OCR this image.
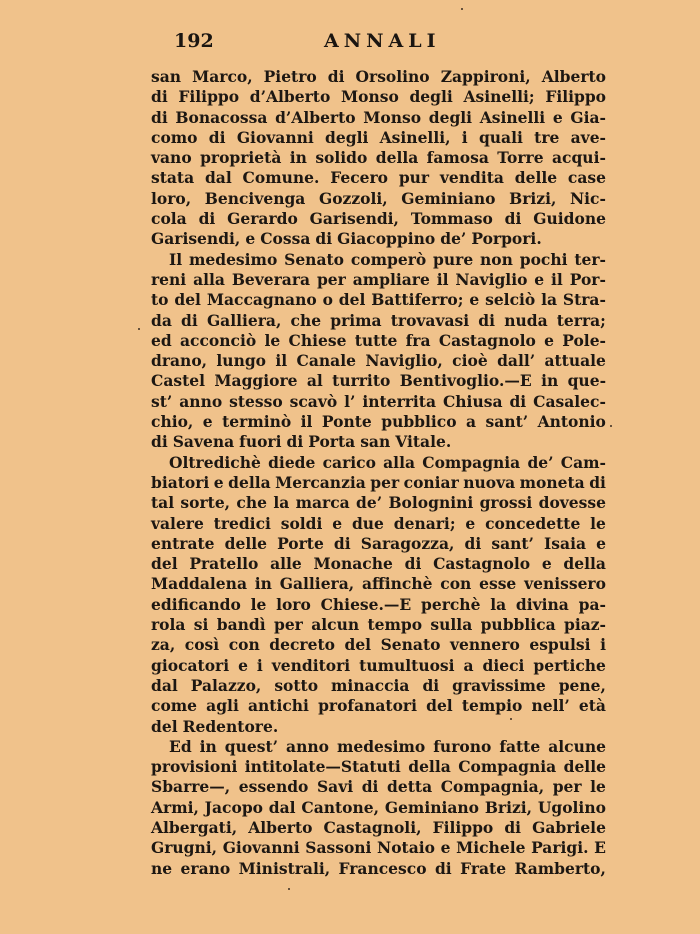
192	ANNALI
san Marco, Pietro di Orsolino Zappironi, Alberto
di Filippo d’Alberto Monso degli Asinelli; Filippo
di Bonacossa d’Alberto Monso degli Asinelli e Gia-
como di Giovanni degli Asinelli, i quali tre ave-
vano proprietà in solido della famosa Torre acqui-
stata dal Comune. Fecero pur vendita delle case
loro, Bencivenga Gozzoli, Geminiano Brizi, Nic-
cola di Gerardo Garisendi, Tommaso di Guidone
Garisendi, e Cossa di Giacoppino de’ Porpori.
Il medesimo Senato comperò pure non pochi ter-
reni alla Beverara per ampliare il Naviglio e il Por-
to del Maccagnano o del Battiferro; e selciò la Stra-
da di Galliera, che prima trovavasi di nuda terra;
ed acconciò le Chiese tutte fra Castagnolo e Pole-
drano, lungo il Canale Naviglio, cioè dall’ attuale
Castel Maggiore al turrito Bentivoglio.—E in que-
st’ anno stesso scavò l’ interrita Chiusa di Casalec-
chio, e terminò il Ponte pubblico a sant’ Antonio
di Savena fuori di Porta san Vitale.
Oltredichè diede carico alla Compagnia de’ Cam-
biatori e della Mercanzia per coniar nuova moneta di
tal sorte, che la marca de’ Bolognini grossi dovesse
valere tredici soldi e due denari; e concedette le
entrate delle Porte di Saragozza, di sant’ Isaia e
del Pratello alle Monache di Castagnolo e della
Maddalena in Galliera, affinchè con esse venissero
edificando le loro Chiese.—E perchè la divina pa-
rola si bandì per alcun tempo sulla pubblica piaz-
za, così con decreto del Senato vennero espulsi i
giocatori e i venditori tumultuosi a dieci pertiche
dal Palazzo, sotto minaccia di gravissime pene,
come agli antichi profanatori del tempio nell’ età
del Redentore.
Ed in quest’ anno medesimo furono fatte alcune
provisioni intitolate—Statuti della Compagnia delle
Sbarre—, essendo Savi di detta Compagnia, per le
Armi, Jacopo dal Cantone, Geminiano Brizi, Ugolino
Albergati, Alberto Castagnoli, Filippo di Gabriele
Grugni, Giovanni Sassoni Notaio e Michele Parigi. E
ne erano Ministrali, Francesco di Frate Ramberto,
